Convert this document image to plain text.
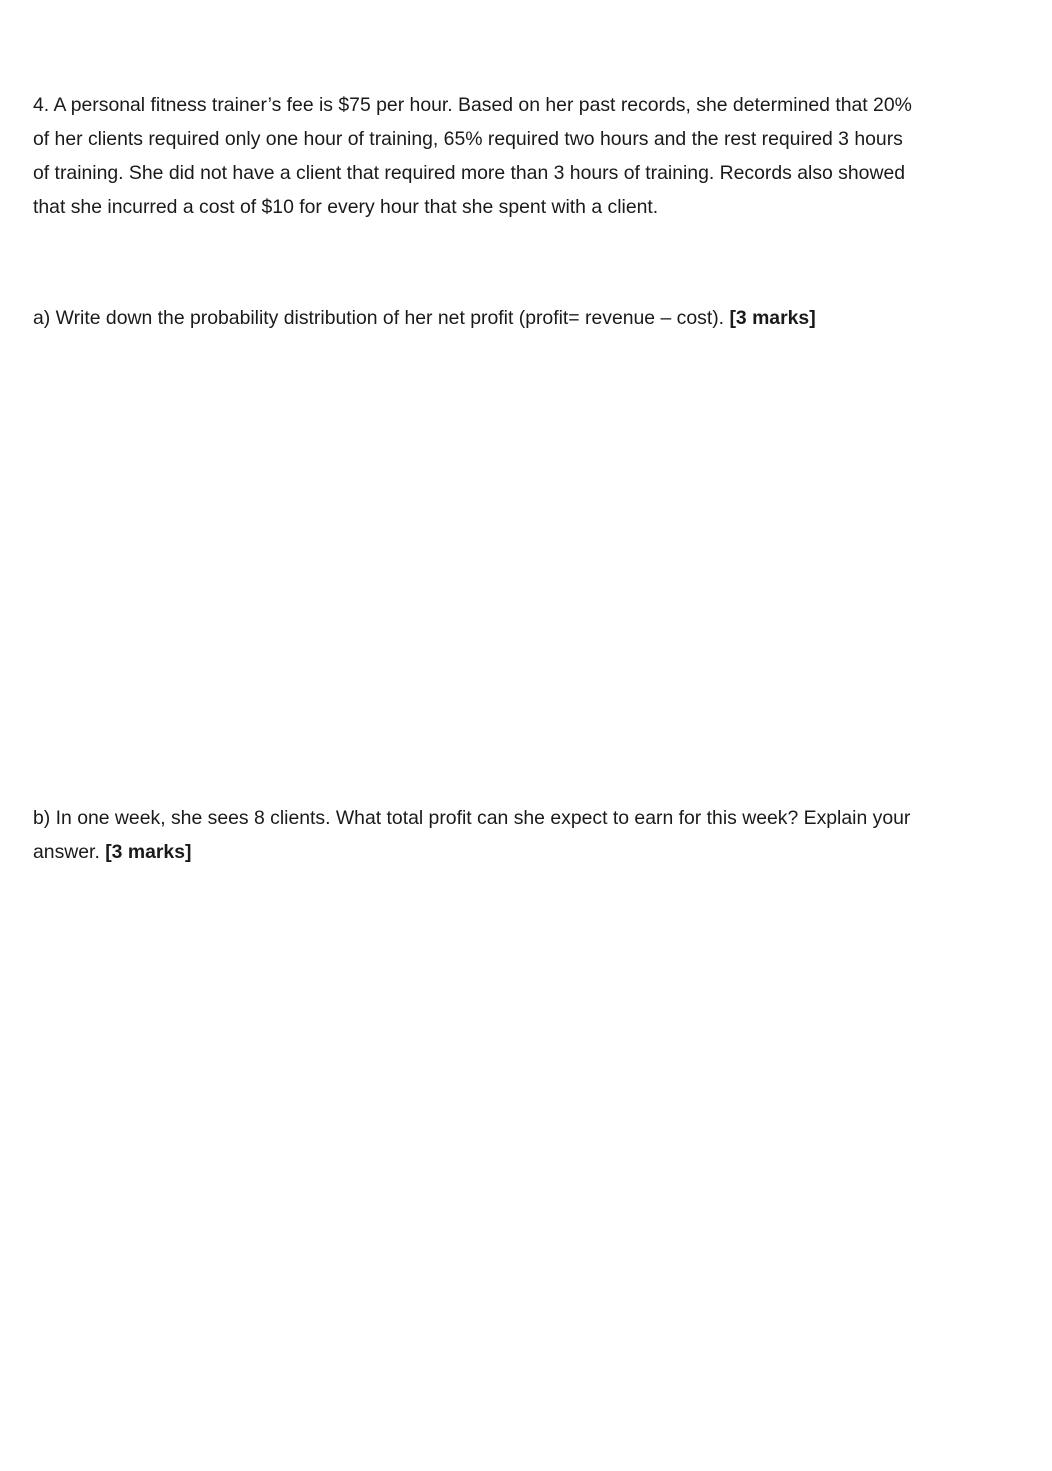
4. A personal fitness trainer’s fee is $75 per hour. Based on her past records, she determined that 20%
of her clients required only one hour of training, 65% required two hours and the rest required 3 hours
of training. She did not have a client that required more than 3 hours of training. Records also showed
that she incurred a cost of $10 for every hour that she spent with a client.
a) Write down the probability distribution of her net profit (profit= revenue – cost). [3 marks]
b) In one week, she sees 8 clients. What total profit can she expect to earn for this week? Explain your
answer. [3 marks]
